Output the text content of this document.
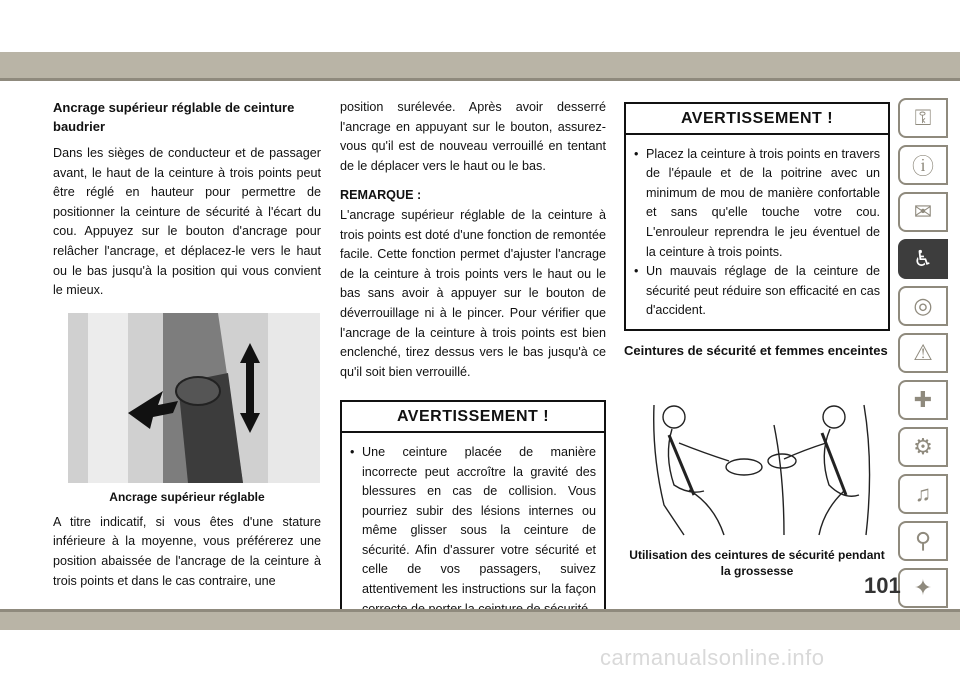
Ancrage supérieur réglable de ceinture baudrier

Dans les sièges de conducteur et de passager avant, le haut de la ceinture à trois points peut être réglé en hauteur pour permettre de positionner la ceinture de sécurité à l'écart du cou. Appuyez sur le bouton d'ancrage pour relâcher l'ancrage, et déplacez-le vers le haut ou le bas jusqu'à la position qui vous convient le mieux.

Ancrage supérieur réglable

A titre indicatif, si vous êtes d'une stature inférieure à la moyenne, vous préférerez une position abaissée de l'ancrage de la ceinture à trois points et dans le cas contraire, une

position surélevée. Après avoir desserré l'ancrage en appuyant sur le bouton, assurez-vous qu'il est de nouveau verrouillé en tentant de le déplacer vers le haut ou le bas.

REMARQUE :

L'ancrage supérieur réglable de la ceinture à trois points est doté d'une fonction de remontée facile. Cette fonction permet d'ajuster l'ancrage de la ceinture à trois points vers le haut ou le bas sans avoir à appuyer sur le bouton de déverrouillage ni à le pincer. Pour vérifier que l'ancrage de la ceinture à trois points est bien enclenché, tirez dessus vers le bas jusqu'à ce qu'il soit bien verrouillé.

AVERTISSEMENT !
• Une ceinture placée de manière incorrecte peut accroître la gravité des blessures en cas de collision. Vous pourriez subir des lésions internes ou même glisser sous la ceinture de sécurité. Afin d'assurer votre sécurité et celle de vos passagers, suivez attentivement les instructions sur la façon
AVERTISSEMENT !
• Placez la ceinture à trois points en travers de l'épaule et de la poitrine avec un minimum de mou de manière confortable et sans qu'elle touche votre cou. L'enrouleur reprendra le jeu éventuel de la ceinture à trois points.
• Un mauvais réglage de la ceinture de sécurité peut réduire son efficacité en cas d'accident.
Ceintures de sécurité et femmes enceintes
Utilisation des ceintures de sécurité pendant la grossesse
⚿
ⓘ
✉
♿
◎
⚠
✚
⚙
♫
⚲
✦
101
carmanualsonline.info
